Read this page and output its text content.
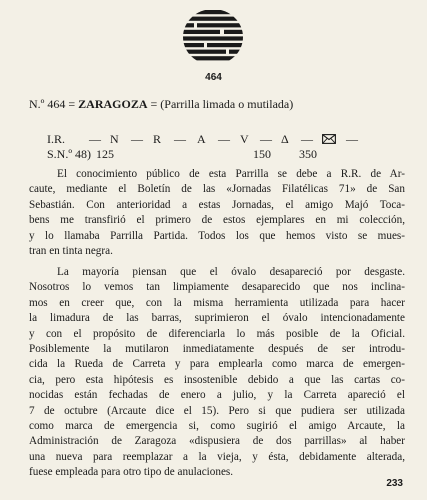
464
N.º 464 = ZARAGOZA = (Parrilla limada o mutilada)
I.R. — N — R — A — V — Δ —	—
S.N.º 48) 125	150 350
El conocimiento público de esta Parrilla se debe a R.R. de Ar-
caute, mediante el Boletín de las «Jornadas Filatélicas 71» de San
Sebastián. Con anterioridad a estas Jornadas, el amigo Majó Toca-
bens me transfirió el primero de estos ejemplares en mi colección,
y lo llamaba Parrilla Partida. Todos los que hemos visto se mues-
tran en tinta negra.
La mayoría piensan que el óvalo desapareció por desgaste.
Nosotros lo vemos tan limpiamente desaparecido que nos inclina-
mos en creer que, con la misma herramienta utilizada para hacer
la limadura de las barras, suprimieron el óvalo intencionadamente
y con el propósito de diferenciarla lo más posible de la Oficial.
Posiblemente la mutilaron inmediatamente después de ser introdu-
cida la Rueda de Carreta y para emplearla como marca de emergen-
cia, pero esta hipótesis es insostenible debido a que las cartas co-
nocidas están fechadas de enero a julio, y la Carreta apareció el
7 de octubre (Arcaute dice el 15). Pero si que pudiera ser utilizada
como marca de emergencia si, como sugirió el amigo Arcaute, la
Administración de Zaragoza «dispusiera de dos parrillas» al haber
una nueva para reemplazar a la vieja, y ésta, debidamente alterada,
fuese empleada para otro tipo de anulaciones.
233
